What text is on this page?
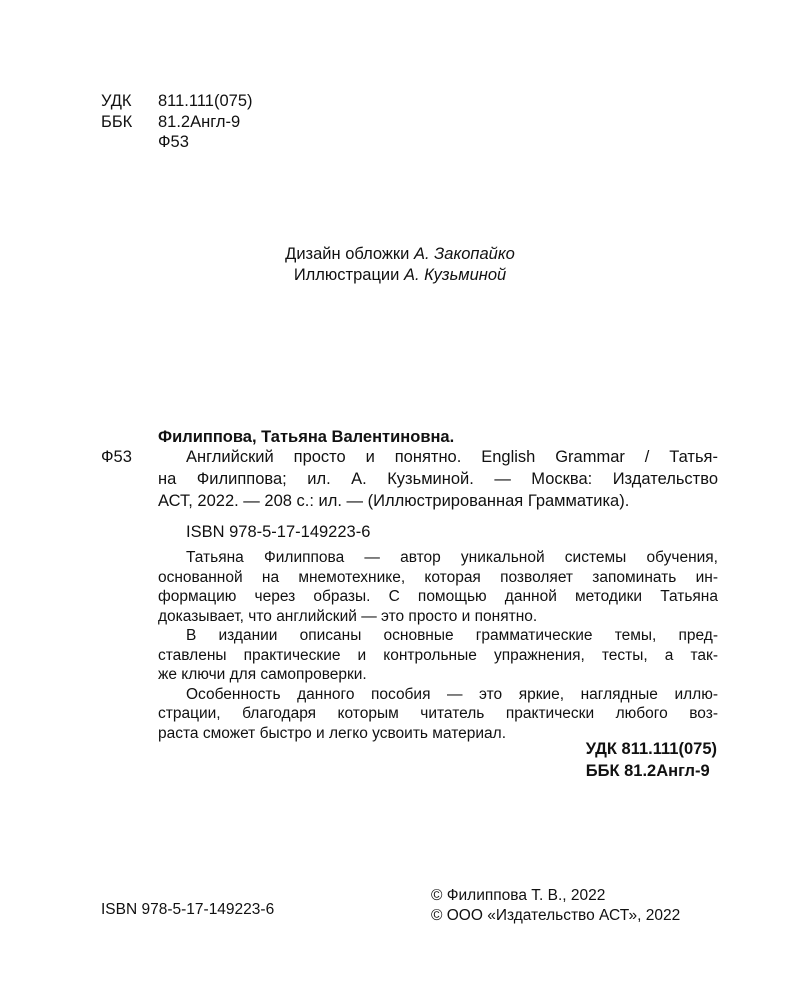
УДК 811.111(075)
ББК 81.2Англ-9
Ф53
Дизайн обложки А. Закопайко
Иллюстрации А. Кузьминой
Филиппова, Татьяна Валентиновна.
Ф53	Английский просто и понятно. English Grammar / Татья-
на Филиппова; ил. А. Кузьминой. — Москва: Издательство
АСТ, 2022. — 208 с.: ил. — (Иллюстрированная Грамматика).
ISBN 978-5-17-149223-6
Татьяна Филиппова — автор уникальной системы обучения,
основанной на мнемотехнике, которая позволяет запоминать ин-
формацию через образы. С помощью данной методики Татьяна
доказывает, что английский — это просто и понятно.
В издании описаны основные грамматические темы, пред-
ставлены практические и контрольные упражнения, тесты, а так-
же ключи для самопроверки.
Особенность данного пособия — это яркие, наглядные иллю-
страции, благодаря которым читатель практически любого воз-
раста сможет быстро и легко усвоить материал.
УДК 811.111(075)
ББК 81.2Англ-9
ISBN 978-5-17-149223-6
© Филиппова Т. В., 2022
© ООО «Издательство АСТ», 2022
